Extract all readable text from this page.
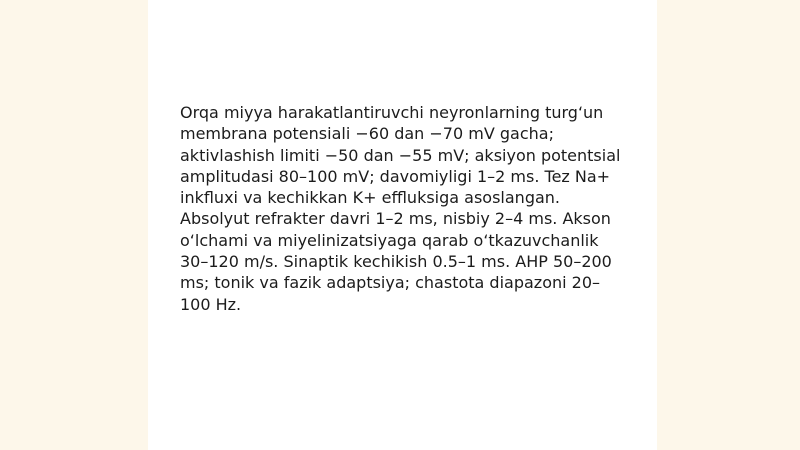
Orqa miyya harakatlantiruvchi neyronlarning turg‘un membrana potensiali −60 dan −70 mV gacha; aktivlashish limiti −50 dan −55 mV; aksiyon potentsial amplitudasi 80–100 mV; davomiyligi 1–2 ms. Tez Na+ inkfluxi va kechikkan K+ effluksiga asoslangan. Absolyut refrakter davri 1–2 ms, nisbiy 2–4 ms. Akson o‘lchami va miyelinizatsiyaga qarab o‘tkazuvchanlik 30–120 m/s. Sinaptik kechikish 0.5–1 ms. AHP 50–200 ms; tonik va fazik adaptsiya; chastota diapazoni 20–100 Hz.
